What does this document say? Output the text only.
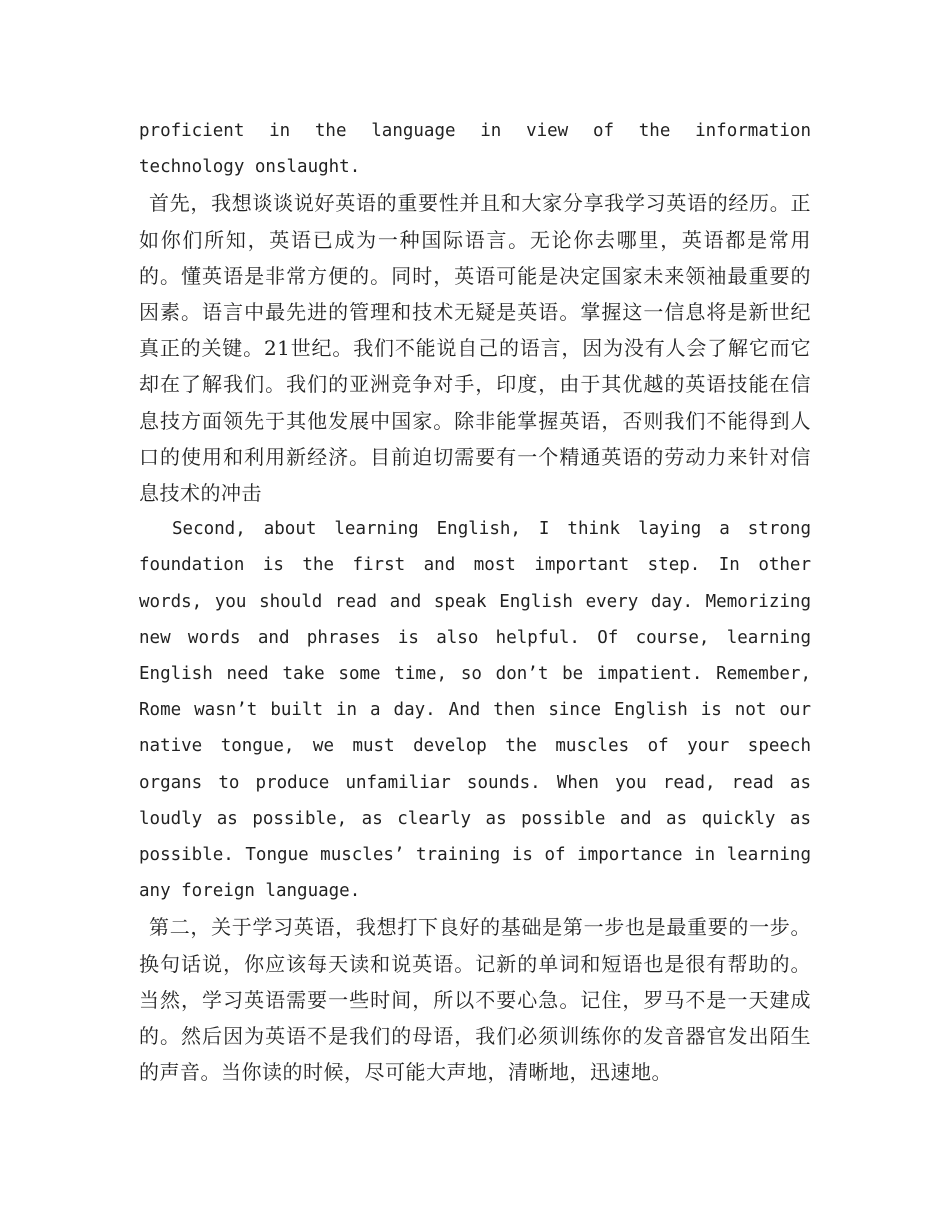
proficient in the language in view of the information technology onslaught.

首先，我想谈谈说好英语的重要性并且和大家分享我学习英语的经历。正如你们所知，英语已成为一种国际语言。无论你去哪里，英语都是常用的。懂英语是非常方便的。同时，英语可能是决定国家未来领袖最重要的因素。语言中最先进的管理和技术无疑是英语。掌握这一信息将是新世纪真正的关键。21世纪。我们不能说自己的语言，因为没有人会了解它而它却在了解我们。我们的亚洲竞争对手，印度，由于其优越的英语技能在信息技方面领先于其他发展中国家。除非能掌握英语，否则我们不能得到人口的使用和利用新经济。目前迫切需要有一个精通英语的劳动力来针对信息技术的冲击

Second, about learning English, I think laying a strong foundation is the first and most important step. In other words, you should read and speak English every day. Memorizing new words and phrases is also helpful. Of course, learning English need take some time, so don’t be impatient. Remember, Rome wasn’t built in a day. And then since English is not our native tongue, we must develop the muscles of your speech organs to produce unfamiliar sounds. When you read, read as loudly as possible, as clearly as possible and as quickly as possible. Tongue muscles’ training is of importance in learning any foreign language.

第二，关于学习英语，我想打下良好的基础是第一步也是最重要的一步。换句话说，你应该每天读和说英语。记新的单词和短语也是很有帮助的。当然，学习英语需要一些时间，所以不要心急。记住，罗马不是一天建成的。然后因为英语不是我们的母语，我们必须训练你的发音器官发出陌生的声音。当你读的时候，尽可能大声地，清晰地，迅速地。
